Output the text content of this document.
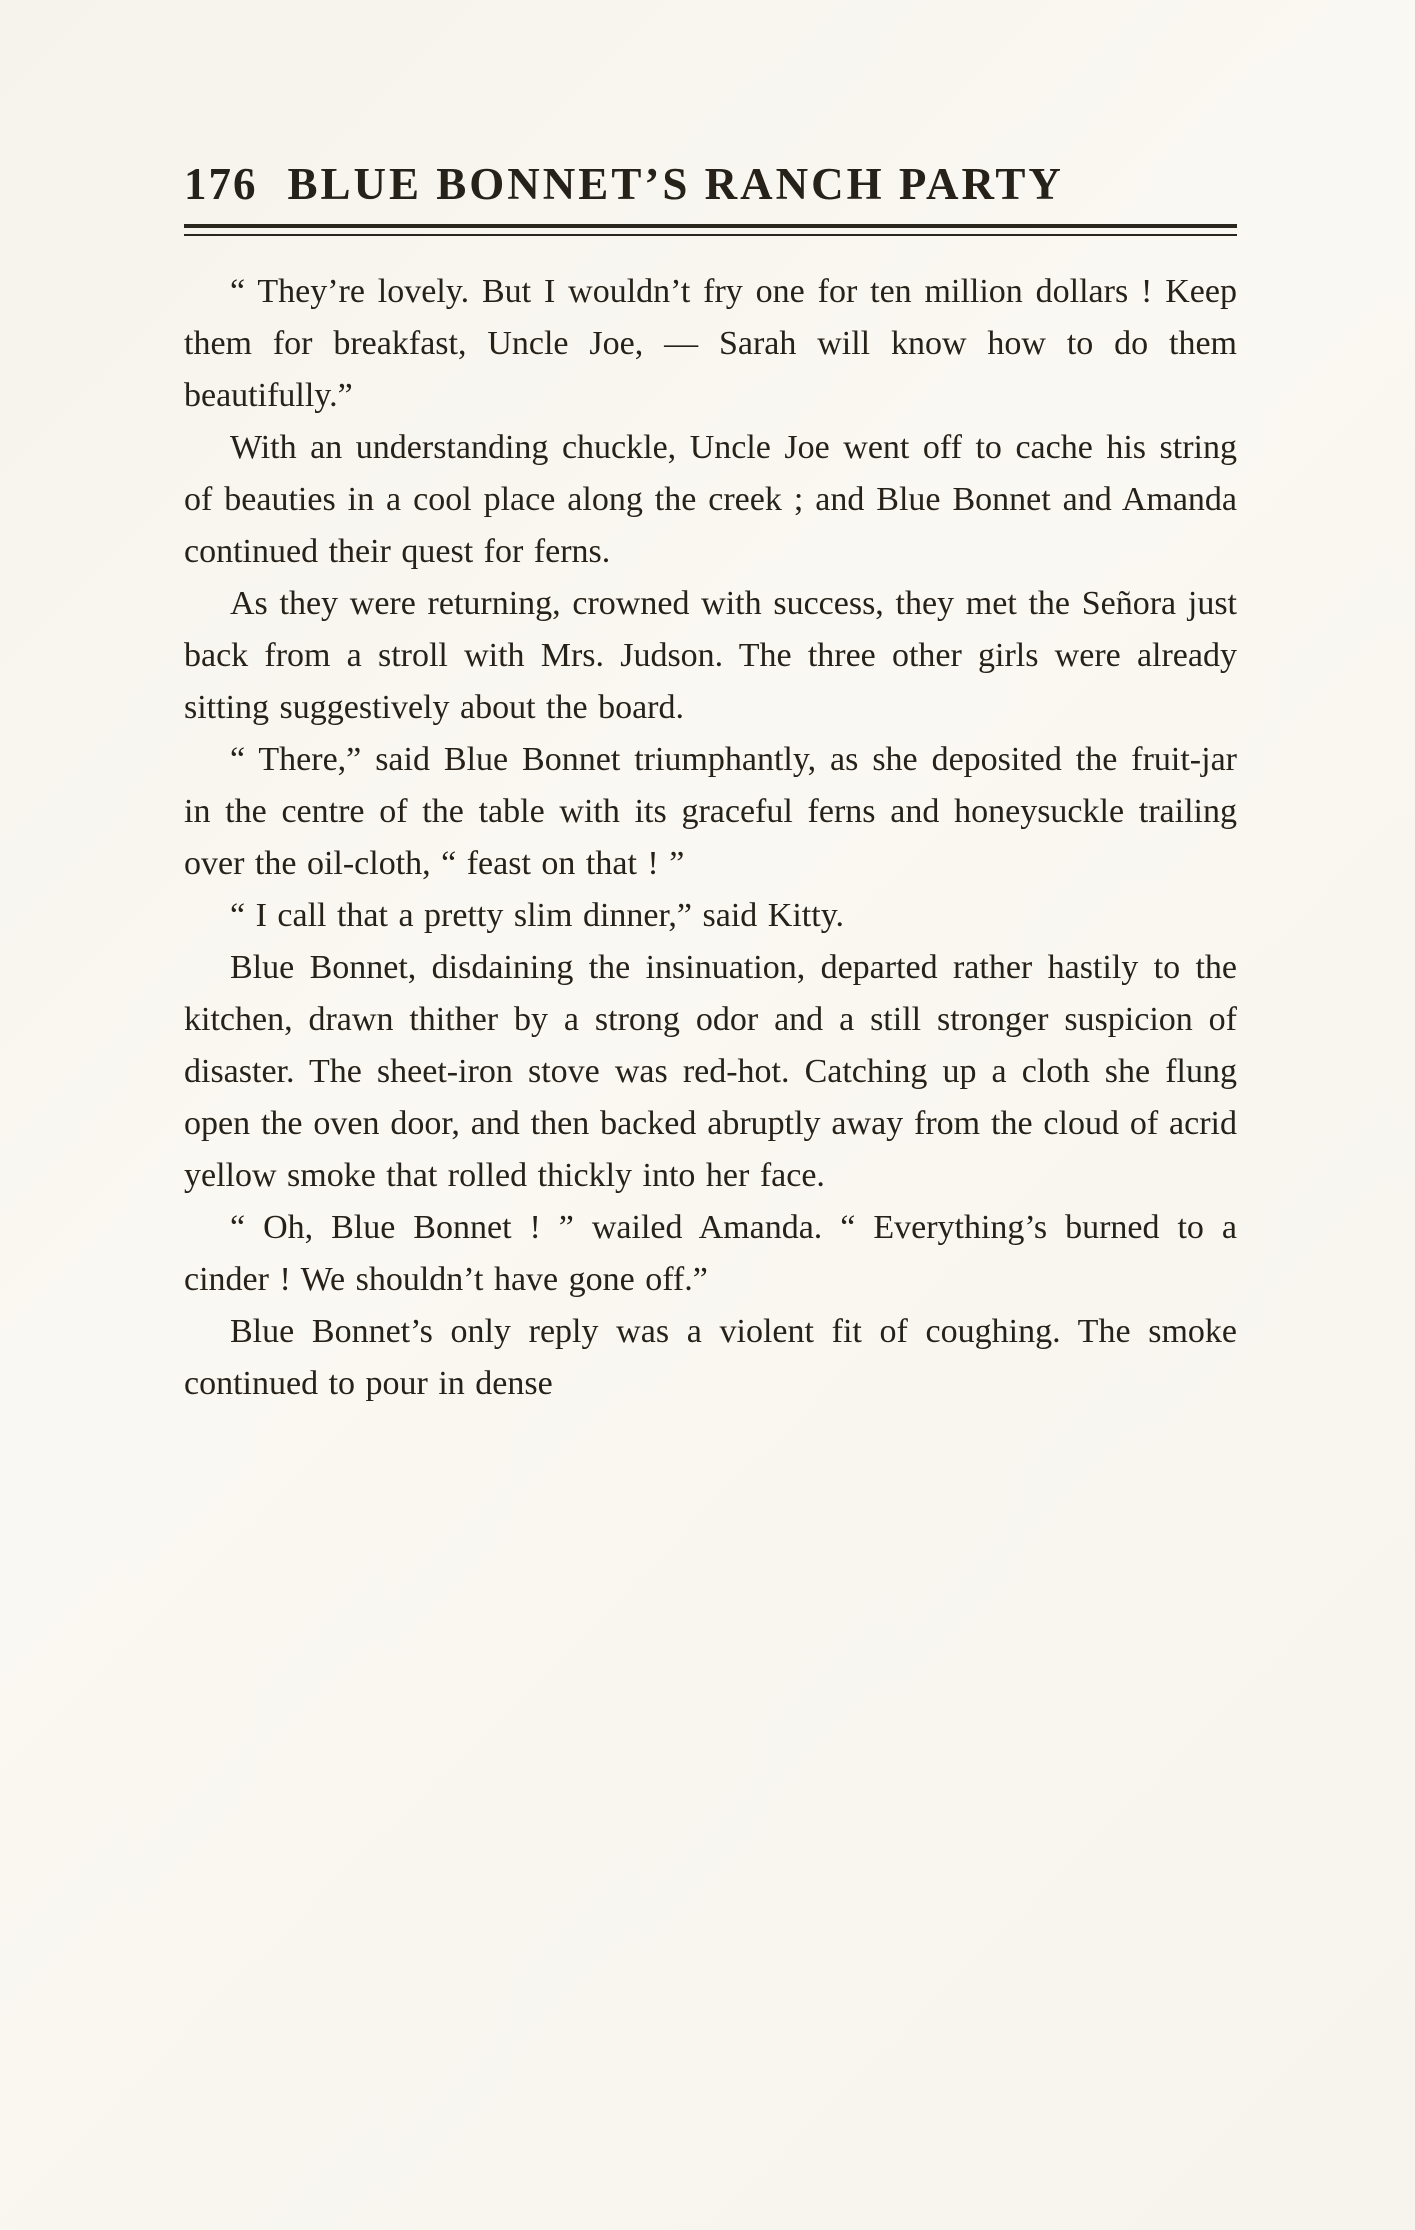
176 BLUE BONNET’S RANCH PARTY

“ They’re lovely. But I wouldn’t fry one for ten million dollars ! Keep them for breakfast, Uncle Joe, — Sarah will know how to do them beautifully.”

With an understanding chuckle, Uncle Joe went off to cache his string of beauties in a cool place along the creek ; and Blue Bonnet and Amanda continued their quest for ferns.

As they were returning, crowned with success, they met the Señora just back from a stroll with Mrs. Judson. The three other girls were already sitting suggestively about the board.

“ There,” said Blue Bonnet triumphantly, as she deposited the fruit-jar in the centre of the table with its graceful ferns and honeysuckle trailing over the oil-cloth, “ feast on that ! ”

“ I call that a pretty slim dinner,” said Kitty.

Blue Bonnet, disdaining the insinuation, departed rather hastily to the kitchen, drawn thither by a strong odor and a still stronger suspicion of disaster. The sheet-iron stove was red-hot. Catching up a cloth she flung open the oven door, and then backed abruptly away from the cloud of acrid yellow smoke that rolled thickly into her face.

“ Oh, Blue Bonnet ! ” wailed Amanda. “ Everything’s burned to a cinder ! We shouldn’t have gone off.”

Blue Bonnet’s only reply was a violent fit of coughing. The smoke continued to pour in dense
